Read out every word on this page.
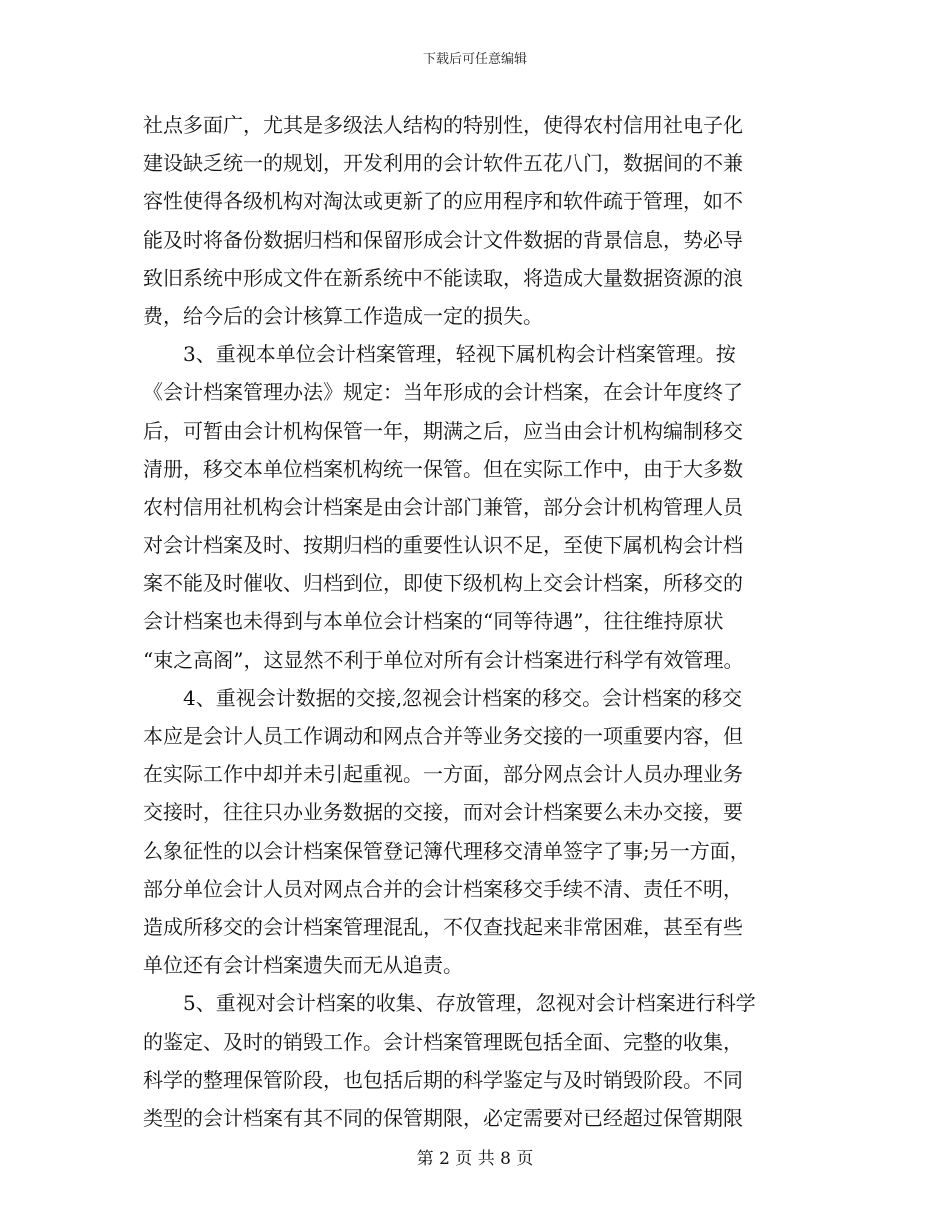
下载后可任意编辑
社点多面广，尤其是多级法人结构的特别性，使得农村信用社电子化
建设缺乏统一的规划，开发利用的会计软件五花八门，数据间的不兼
容性使得各级机构对淘汰或更新了的应用程序和软件疏于管理，如不
能及时将备份数据归档和保留形成会计文件数据的背景信息，势必导
致旧系统中形成文件在新系统中不能读取，将造成大量数据资源的浪
费，给今后的会计核算工作造成一定的损失。
　　3、重视本单位会计档案管理，轻视下属机构会计档案管理。按
《会计档案管理办法》规定：当年形成的会计档案，在会计年度终了
后，可暂由会计机构保管一年，期满之后，应当由会计机构编制移交
清册，移交本单位档案机构统一保管。但在实际工作中，由于大多数
农村信用社机构会计档案是由会计部门兼管，部分会计机构管理人员
对会计档案及时、按期归档的重要性认识不足，至使下属机构会计档
案不能及时催收、归档到位，即使下级机构上交会计档案，所移交的
会计档案也未得到与本单位会计档案的“同等待遇”，往往维持原状
“束之高阁”，这显然不利于单位对所有会计档案进行科学有效管理。
　　4、重视会计数据的交接,忽视会计档案的移交。会计档案的移交
本应是会计人员工作调动和网点合并等业务交接的一项重要内容，但
在实际工作中却并未引起重视。一方面，部分网点会计人员办理业务
交接时，往往只办业务数据的交接，而对会计档案要么未办交接，要
么象征性的以会计档案保管登记簿代理移交清单签字了事;另一方面，
部分单位会计人员对网点合并的会计档案移交手续不清、责任不明，
造成所移交的会计档案管理混乱，不仅查找起来非常困难，甚至有些
单位还有会计档案遗失而无从追责。
　　5、重视对会计档案的收集、存放管理，忽视对会计档案进行科学
的鉴定、及时的销毁工作。会计档案管理既包括全面、完整的收集，
科学的整理保管阶段，也包括后期的科学鉴定与及时销毁阶段。不同
类型的会计档案有其不同的保管期限，必定需要对已经超过保管期限
第 2 页 共 8 页
